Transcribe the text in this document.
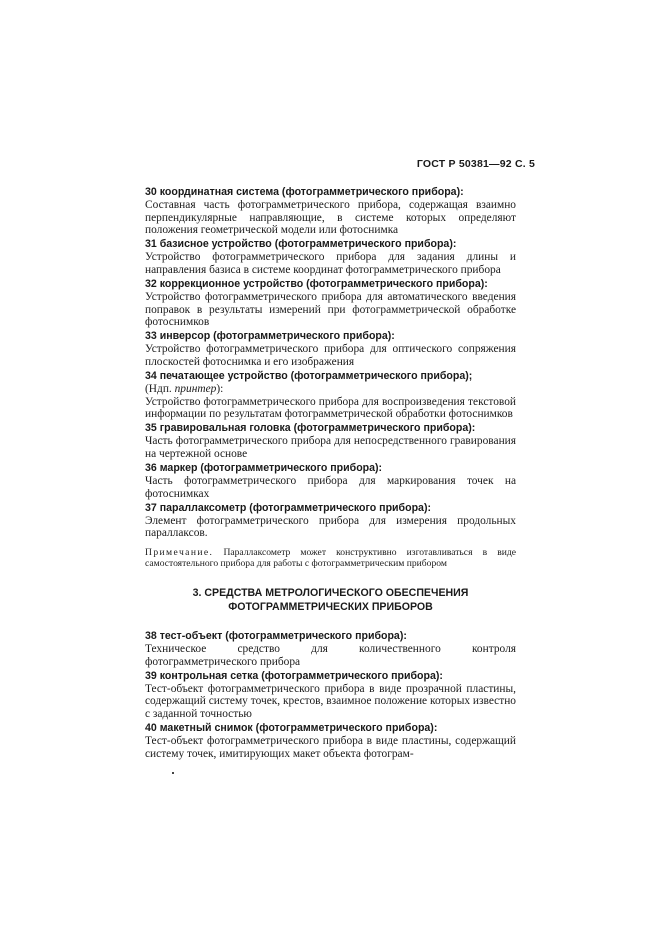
ГОСТ Р 50381—92 С. 5
30 координатная система (фотограмметрического прибора):
Составная часть фотограмметрического прибора, содержащая взаимно перпендикулярные направляющие, в системе которых определяют положения геометрической модели или фотоснимка
31 базисное устройство (фотограмметрического прибора):
Устройство фотограмметрического прибора для задания длины и направления базиса в системе координат фотограмметрического прибора
32 коррекционное устройство (фотограмметрического прибора):
Устройство фотограмметрического прибора для автоматического введения поправок в результаты измерений при фотограмметрической обработке фотоснимков
33 инверсор (фотограмметрического прибора):
Устройство фотограмметрического прибора для оптического сопряжения плоскостей фотоснимка и его изображения
34 печатающее устройство (фотограмметрического прибора);
(Ндп. принтер):
Устройство фотограмметрического прибора для воспроизведения текстовой информации по результатам фотограмметрической обработки фотоснимков
35 гравировальная головка (фотограмметрического прибора):
Часть фотограмметрического прибора для непосредственного гравирования на чертежной основе
36 маркер (фотограмметрического прибора):
Часть фотограмметрического прибора для маркирования точек на фотоснимках
37 параллаксометр (фотограмметрического прибора):
Элемент фотограмметрического прибора для измерения продольных параллаксов.
Примечание. Параллаксометр может конструктивно изготавливаться в виде самостоятельного прибора для работы с фотограмметрическим прибором
3. СРЕДСТВА МЕТРОЛОГИЧЕСКОГО ОБЕСПЕЧЕНИЯ
ФОТОГРАММЕТРИЧЕСКИХ ПРИБОРОВ
38 тест-объект (фотограмметрического прибора):
Техническое средство для количественного контроля фотограмметрического прибора
39 контрольная сетка (фотограмметрического прибора):
Тест-объект фотограмметрического прибора в виде прозрачной пластины, содержащий систему точек, крестов, взаимное положение которых известно с заданной точностью
40 макетный снимок (фотограмметрического прибора):
Тест-объект фотограмметрического прибора в виде пластины, содержащий систему точек, имитирующих макет объекта фотограм-
